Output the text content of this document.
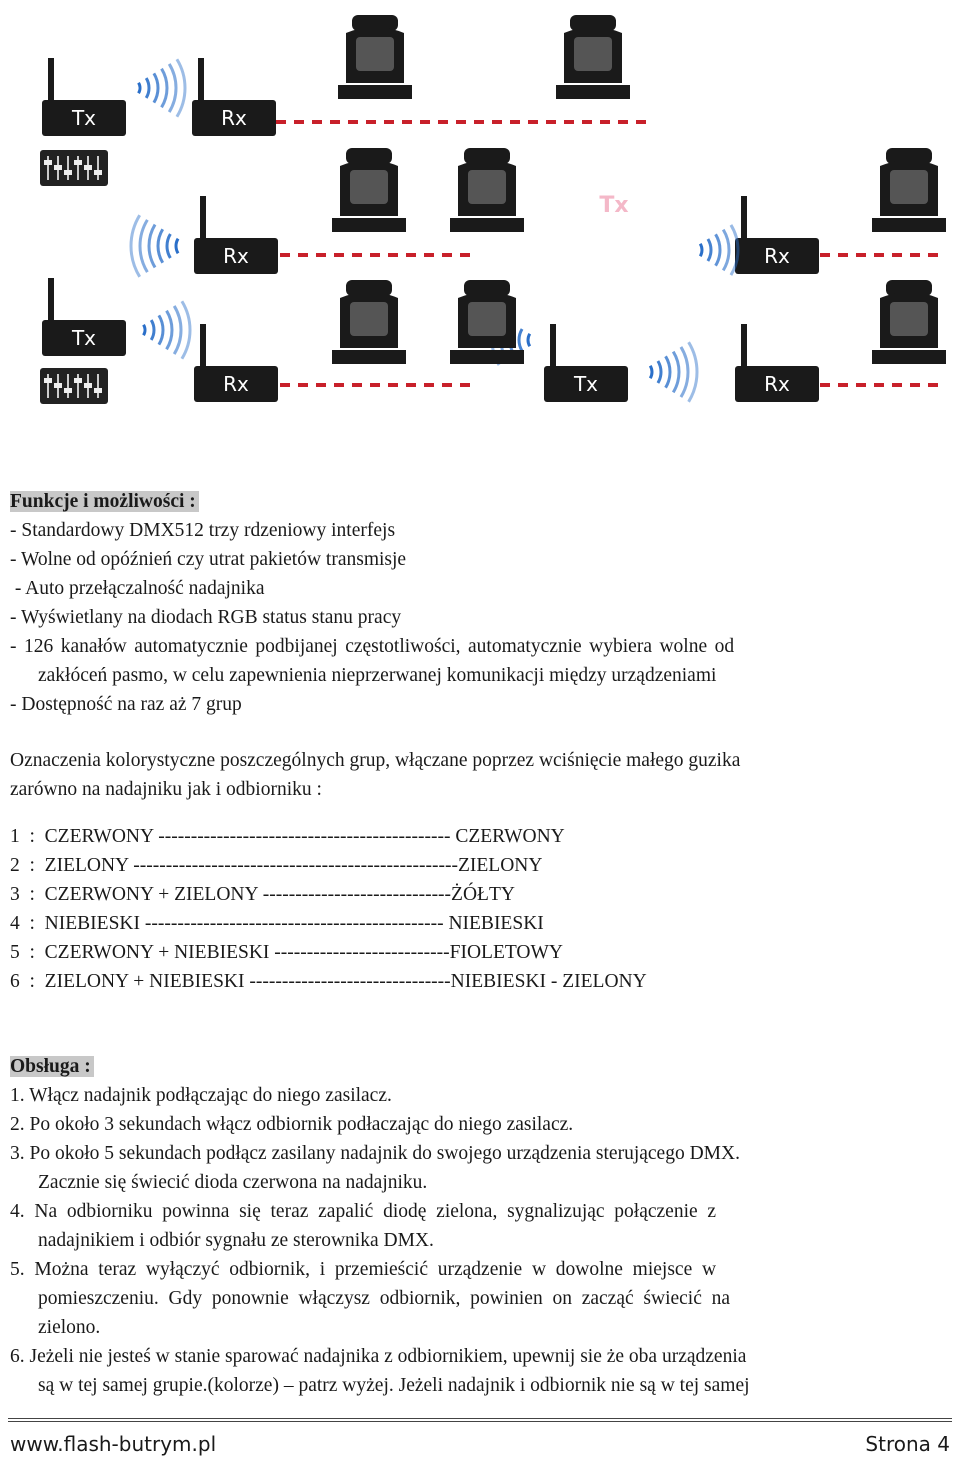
Tx	Rx
Rx	Rx
Tx
Tx
Rx	Tx	Rx
Funkcje i możliwości :
- Standardowy DMX512 trzy rdzeniowy interfejs
- Wolne od opóźnień czy utrat pakietów transmisje
- Auto przełączalność nadajnika
- Wyświetlany na diodach RGB status stanu pracy
- 126 kanałów automatycznie podbijanej częstotliwości, automatycznie wybiera wolne od
zakłóceń pasmo, w celu zapewnienia nieprzerwanej komunikacji między urządzeniami
- Dostępność na raz aż 7 grup
Oznaczenia kolorystyczne poszczególnych grup, włączane poprzez wciśnięcie małego guzika
zarówno na nadajniku jak i odbiorniku :
1  :  CZERWONY --------------------------------------------- CZERWONY
2  :  ZIELONY --------------------------------------------------ZIELONY
3  :  CZERWONY + ZIELONY -----------------------------ŻÓŁTY
4  :  NIEBIESKI ---------------------------------------------- NIEBIESKI
5  :  CZERWONY + NIEBIESKI ---------------------------FIOLETOWY
6  :  ZIELONY + NIEBIESKI -------------------------------NIEBIESKI - ZIELONY
Obsługa :
1. Włącz nadajnik podłączając do niego zasilacz.
2. Po około 3 sekundach włącz odbiornik podłaczając do niego zasilacz.
3. Po około 5 sekundach podłącz zasilany nadajnik do swojego urządzenia sterującego DMX.
Zacznie się świecić dioda czerwona na nadajniku.
4.  Na  odbiorniku  powinna  się  teraz  zapalić  diodę  zielona,  sygnalizując  połączenie  z
nadajnikiem i odbiór sygnału ze sterownika DMX.
5.  Można  teraz  wyłączyć  odbiornik,  i  przemieścić  urządzenie  w  dowolne  miejsce  w
pomieszczeniu.  Gdy  ponownie  włączysz  odbiornik,  powinien  on  zacząć  świecić  na
zielono.
6. Jeżeli nie jesteś w stanie sparować nadajnika z odbiornikiem, upewnij sie że oba urządzenia
są w tej samej grupie.(kolorze) – patrz wyżej. Jeżeli nadajnik i odbiornik nie są w tej samej
www.flash-butrym.pl	Strona 4
